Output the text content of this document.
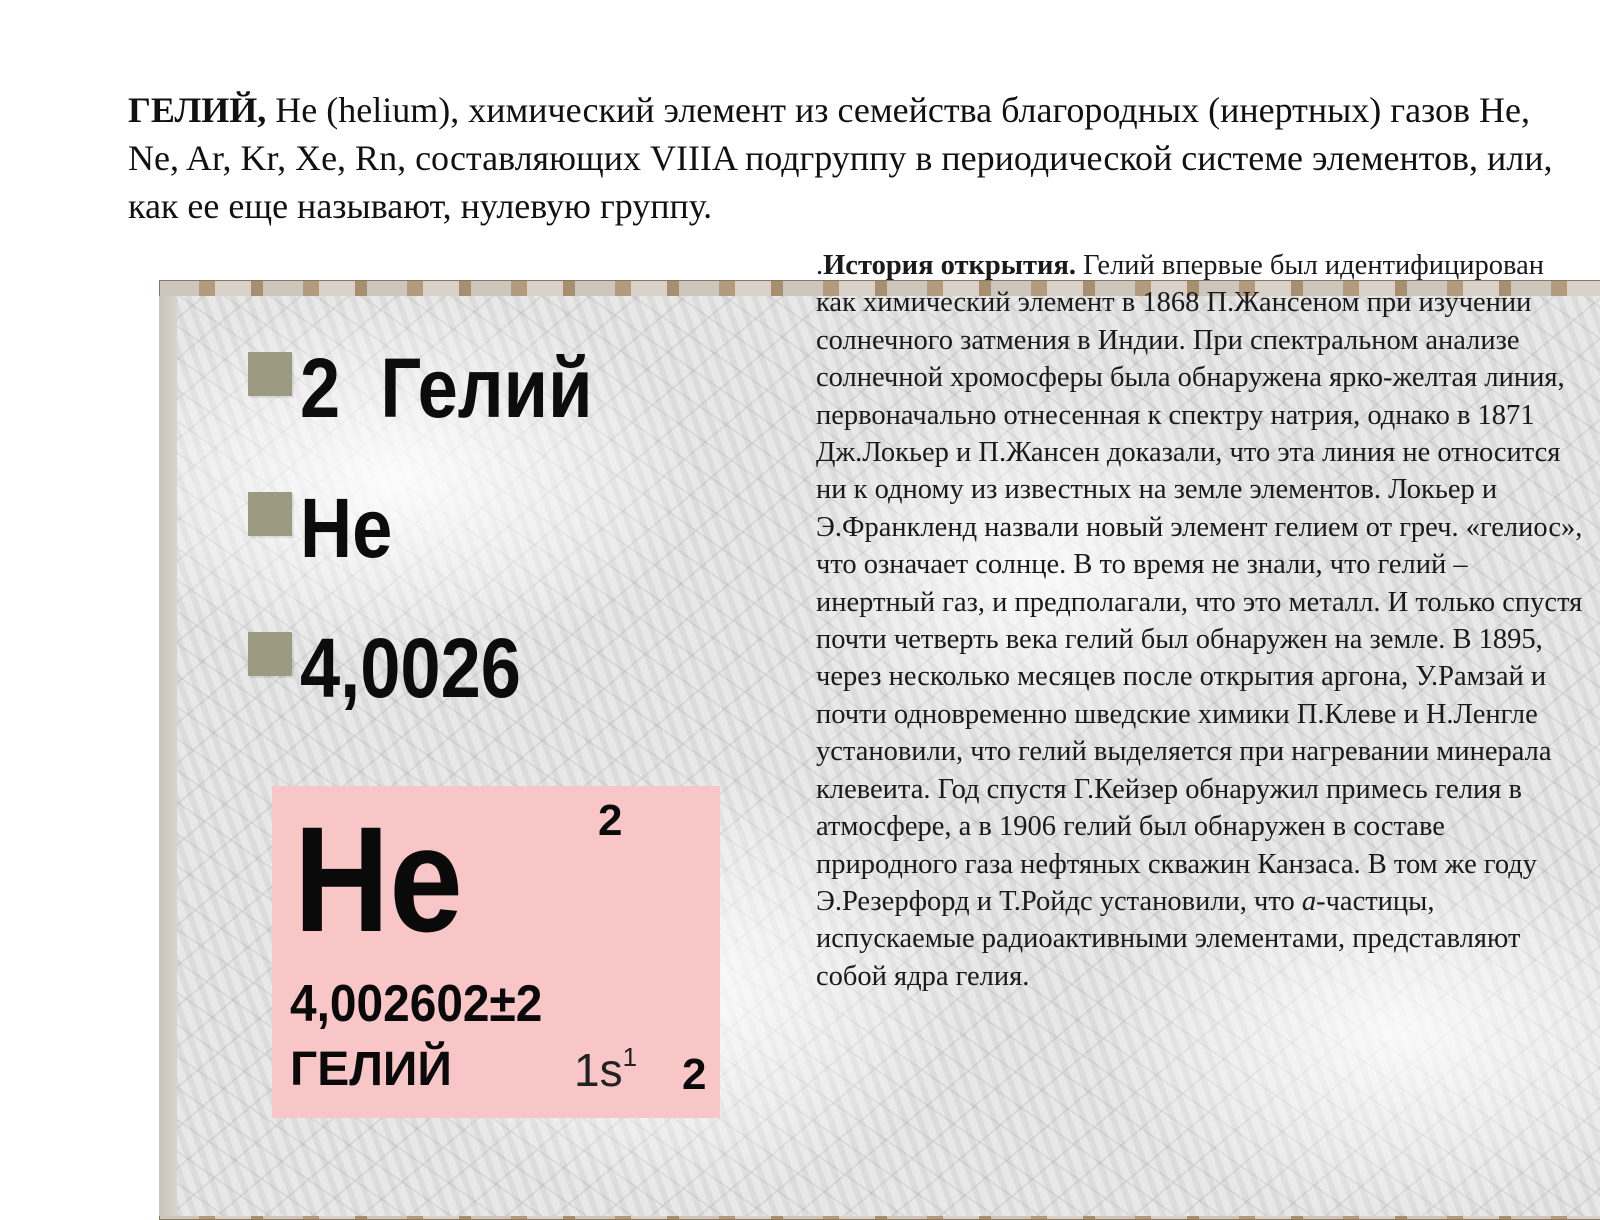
ГЕЛИЙ, He (helium), химический элемент из семейства благородных (инертных) газов He, Ne, Ar, Kr, Xe, Rn, составляющих VIIIA подгруппу в периодической системе элементов, или, как ее еще называют, нулевую группу.
2  Гелий
He
4,0026
He	2
4,002602±2
ГЕЛИЙ	$1s^1$ 2
.История открытия. Гелий впервые был идентифицирован как химический элемент в 1868 П.Жансеном при изучении солнечного затмения в Индии. При спектральном анализе солнечной хромосферы была обнаружена ярко-желтая линия, первоначально отнесенная к спектру натрия, однако в 1871 Дж.Локьер и П.Жансен доказали, что эта линия не относится ни к одному из известных на земле элементов. Локьер и Э.Франкленд назвали новый элемент гелием от греч. «гелиос», что означает солнце. В то время не знали, что гелий – инертный газ, и предполагали, что это металл. И только спустя почти четверть века гелий был обнаружен на земле. В 1895, через несколько месяцев после открытия аргона, У.Рамзай и почти одновременно шведские химики П.Клеве и Н.Ленгле установили, что гелий выделяется при нагревании минерала клевеита. Год спустя Г.Кейзер обнаружил примесь гелия в атмосфере, а в 1906 гелий был обнаружен в составе природного газа нефтяных скважин Канзаса. В том же году Э.Резерфорд и Т.Ройдс установили, что a-частицы, испускаемые радиоактивными элементами, представляют собой ядра гелия.
